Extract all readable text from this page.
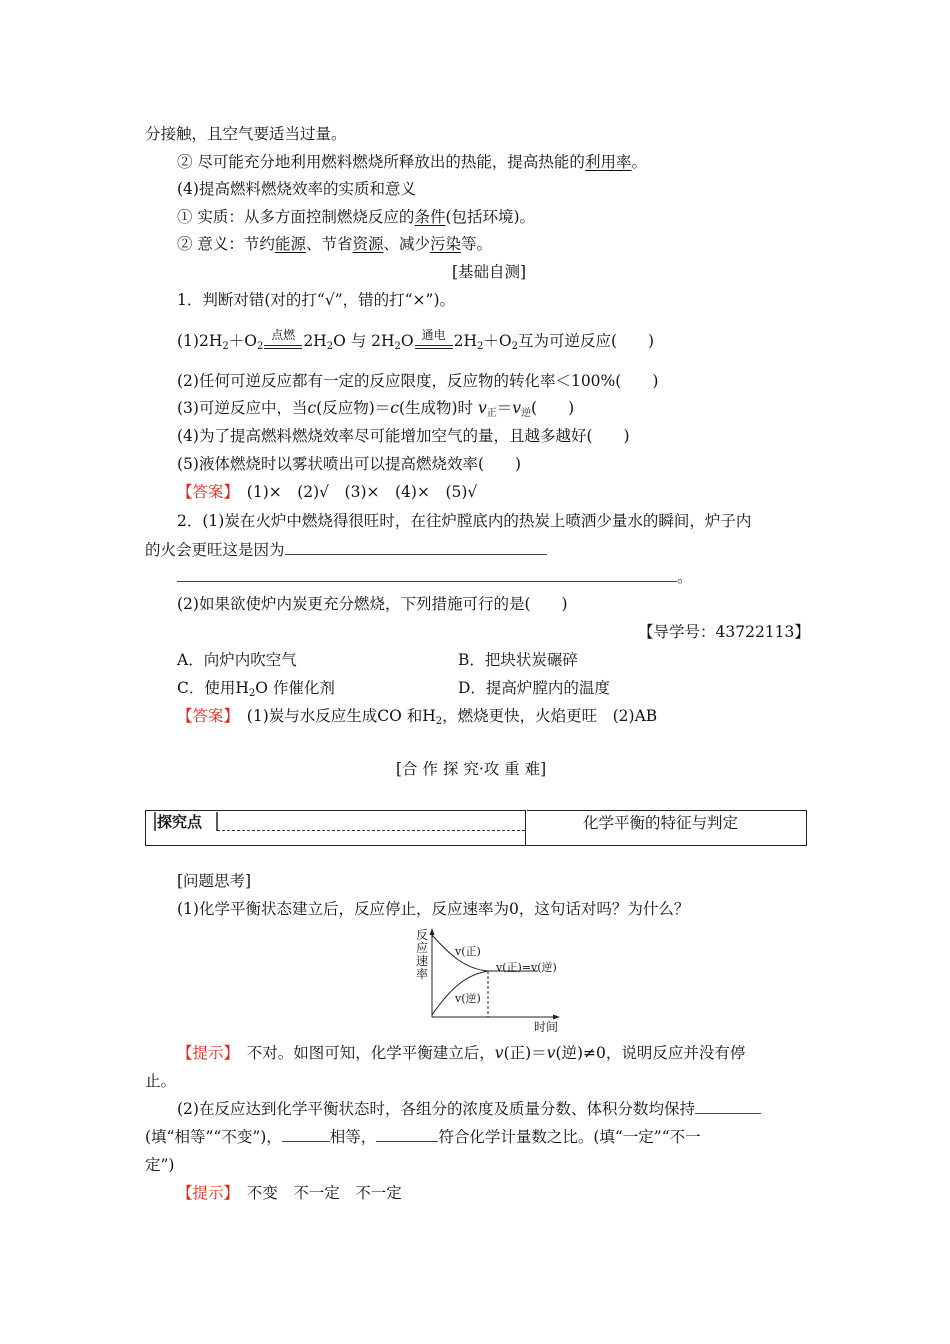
分接触，且空气要适当过量。
② 尽可能充分地利用燃料燃烧所释放出的热能，提高热能的利用率。
(4)提高燃料燃烧效率的实质和意义
① 实质：从多方面控制燃烧反应的条件(包括环境)。
② 意义：节约能源、节省资源、减少污染等。
[基础自测]
1．判断对错(对的打“√”，错的打“×”)。
$(1)2H_2+O_2$
点燃 $2H_2O$ 与 $2H_2O$ 通电 $2H_2+O_2$互为可逆反应(　　)
(2)任何可逆反应都有一定的反应限度，反应物的转化率＜100%(　　)
(3)可逆反应中，当c(反应物)＝c(生成物)时 $v_正=v_逆$(　　)
(4)为了提高燃料燃烧效率尽可能增加空气的量，且越多越好(　　)
(5)液体燃烧时以雾状喷出可以提高燃烧效率(　　)
【答案】　 (1)×　(2)√　(3)×　(4)×　(5)√
2．(1)炭在火炉中燃烧得很旺时，在往炉膛底内的热炭上喷洒少量水的瞬间，炉子内
的火会更旺这是因为
。
(2)如果欲使炉内炭更充分燃烧，下列措施可行的是(　　)
【导学号：43722113】
A．向炉内吹空气	B．把块状炭碾碎
C．使用$H_2O$ 作催化剂	D．提高炉膛内的温度
【答案】　 (1)炭与水反应生成CO 和$H_2$，燃烧更快，火焰更旺　(2)AB
[合 作 探 究·攻 重 难]
探究点	化学平衡的特征与判定
[问题思考]
(1)化学平衡状态建立后，反应停止，反应速率为0，这句话对吗？为什么？
反
应
速
率
v(正)
v(逆)
v(正)=v(逆)
时间
【提示】　 不对。如图可知，化学平衡建立后，v(正)＝v(逆)≠0，说明反应并没有停
止。
(2)在反应达到化学平衡状态时，各组分的浓度及质量分数、体积分数均保持
(填“相等”“不变”)，	相等，	符合化学计量数之比。(填“一定”“不一
定”)
【提示】　 不变　不一定　不一定
